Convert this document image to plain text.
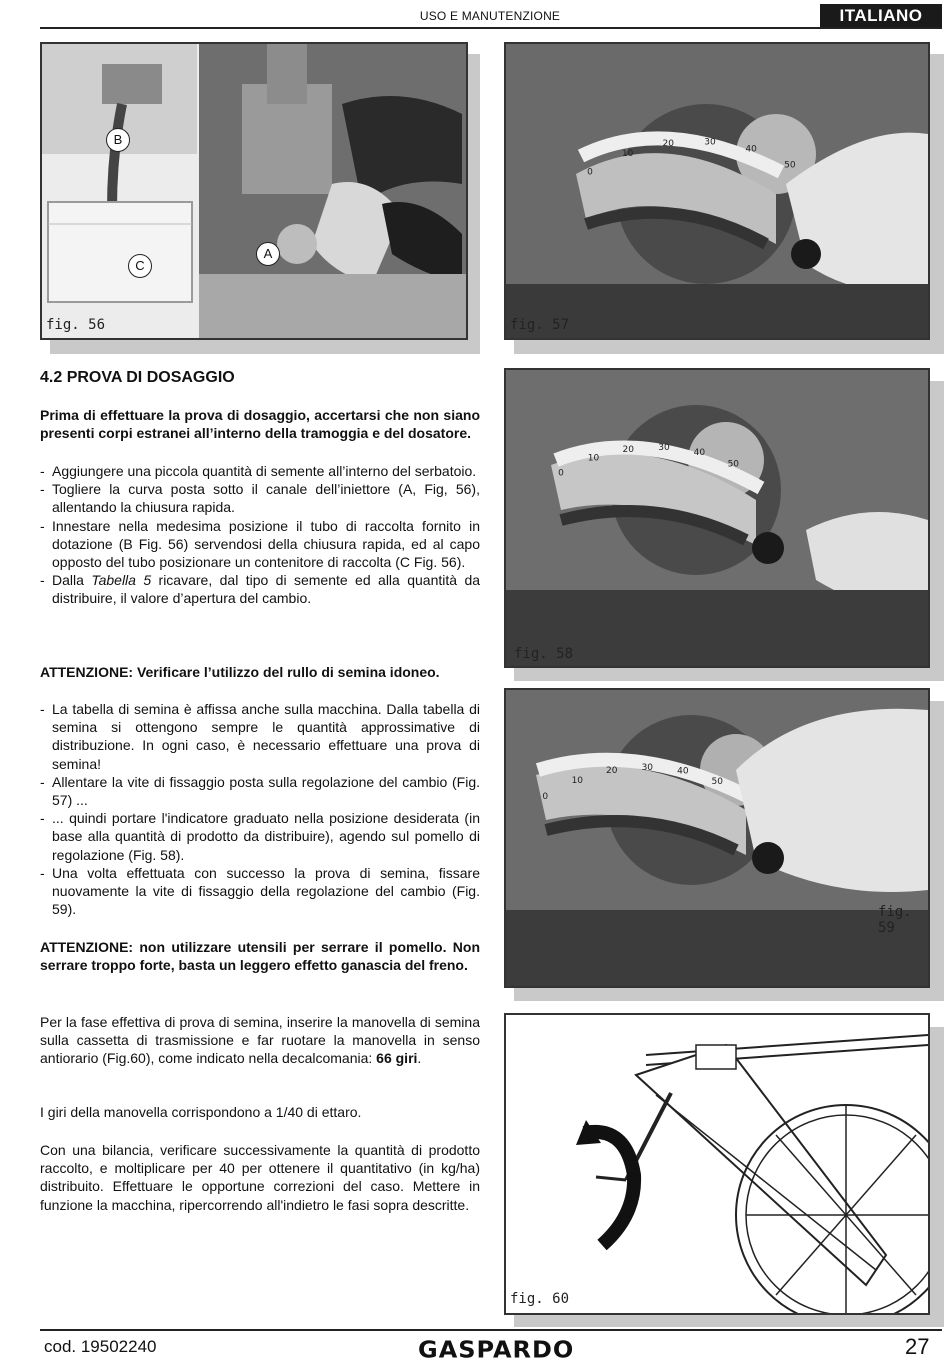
USO E MANUTENZIONE	ITALIANO
B
C
A
fig. 56
0
10
20	30
40
50
fig. 57
0
10
20	30	40
50
fig. 58
0
10
20	30	40
50
fig. 59
fig. 60
4.2 PROVA DI DOSAGGIO

Prima di effettuare la prova di dosaggio, accertarsi che non siano presenti corpi estranei all’interno della tramoggia e del dosatore.

- Aggiungere una piccola quantità di semente all’interno del serbatoio.
- Togliere la curva posta sotto il canale dell’iniettore (A, Fig, 56), allentando la chiusura rapida.
- Innestare nella medesima posizione il tubo di raccolta fornito in dotazione (B Fig. 56) servendosi della chiusura rapida, ed al capo opposto del tubo posizionare un contenitore di raccolta (C Fig. 56).
- Dalla Tabella 5 ricavare, dal tipo di semente ed alla quantità da distribuire, il valore d’apertura del cambio.

ATTENZIONE: Verificare l’utilizzo del rullo di semina idoneo.

- La tabella di semina è affissa anche sulla macchina. Dalla tabella di semina si ottengono sempre le quantità approssimative di distribuzione. In ogni caso, è necessario effettuare una prova di semina!
- Allentare la vite di fissaggio posta sulla regolazione del cambio (Fig. 57) ...
- ... quindi portare l'indicatore graduato nella posizione desiderata (in base alla quantità di prodotto da distribuire), agendo sul pomello di regolazione (Fig. 58).
- Una volta effettuata con successo la prova di semina, fissare nuovamente la vite di fissaggio della regolazione del cambio (Fig. 59).

ATTENZIONE: non utilizzare utensili per serrare il pomello. Non serrare troppo forte, basta un leggero effetto ganascia del freno.

Per la fase effettiva di prova di semina, inserire la manovella di semina sulla cassetta di trasmissione e far ruotare la manovella in senso antiorario (Fig.60), come indicato nella decalcomania: 66 giri.

I giri della manovella corrispondono a 1/40 di ettaro.

Con una bilancia, verificare successivamente la quantità di prodotto raccolto, e moltiplicare per 40 per ottenere il quantitativo (in kg/ha) distribuito. Effettuare le opportune correzioni del caso. Mettere in funzione la macchina, ripercorrendo all'indietro le fasi sopra descritte.

cod. 19502240	GASPARDO	27
